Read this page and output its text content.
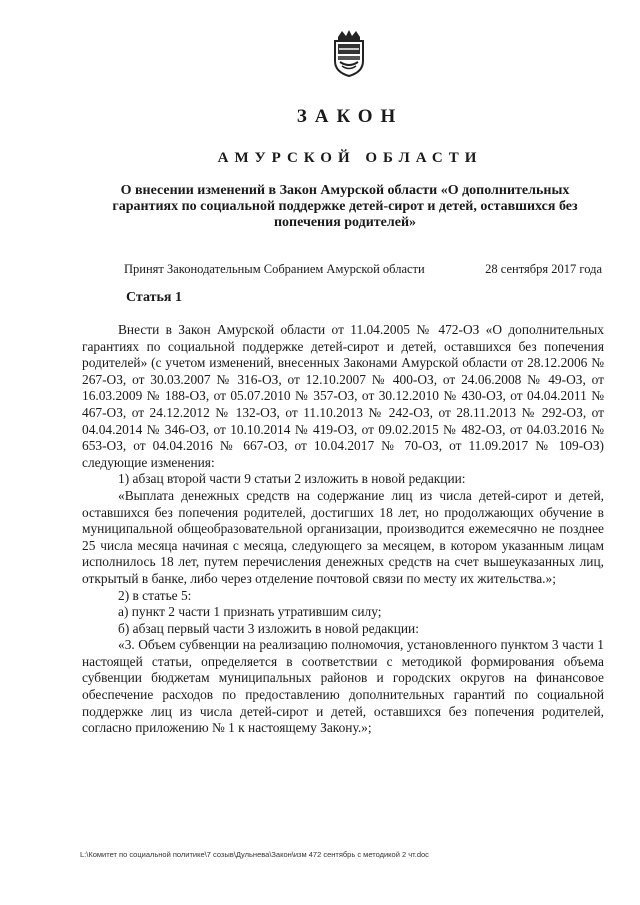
ЗАКОН
АМУРСКОЙ ОБЛАСТИ
О внесении изменений в Закон Амурской области «О дополнительных гарантиях по социальной поддержке детей-сирот и детей, оставшихся без попечения родителей»
Принят Законодательным Собранием Амурской области	28 сентября 2017 года
Статья 1

Внести в Закон Амурской области от 11.04.2005 № 472-ОЗ «О дополнительных гарантиях по социальной поддержке детей-сирот и детей, оставшихся без попечения родителей» (с учетом изменений, внесенных Законами Амурской области от 28.12.2006 № 267-ОЗ, от 30.03.2007 № 316-ОЗ, от 12.10.2007 № 400-ОЗ, от 24.06.2008 № 49-ОЗ, от 16.03.2009 № 188-ОЗ, от 05.07.2010 № 357-ОЗ, от 30.12.2010 № 430-ОЗ, от 04.04.2011 № 467-ОЗ, от 24.12.2012 № 132-ОЗ, от 11.10.2013 № 242-ОЗ, от 28.11.2013 № 292-ОЗ, от 04.04.2014 № 346-ОЗ, от 10.10.2014 № 419-ОЗ, от 09.02.2015 № 482-ОЗ, от 04.03.2016 № 653-ОЗ, от 04.04.2016 № 667-ОЗ, от 10.04.2017 № 70-ОЗ, от 11.09.2017 № 109-ОЗ) следующие изменения:

1) абзац второй части 9 статьи 2 изложить в новой редакции:

«Выплата денежных средств на содержание лиц из числа детей-сирот и детей, оставшихся без попечения родителей, достигших 18 лет, но продолжающих обучение в муниципальной общеобразовательной организации, производится ежемесячно не позднее 25 числа месяца начиная с месяца, следующего за месяцем, в котором указанным лицам исполнилось 18 лет, путем перечисления денежных средств на счет вышеуказанных лиц, открытый в банке, либо через отделение почтовой связи по месту их жительства.»;

2) в статье 5:

а) пункт 2 части 1 признать утратившим силу;

б) абзац первый части 3 изложить в новой редакции:

«3. Объем субвенции на реализацию полномочия, установленного пунктом 3 части 1 настоящей статьи, определяется в соответствии с методикой формирования объема субвенции бюджетам муниципальных районов и городских округов на финансовое обеспечение расходов по предоставлению дополнительных гарантий по социальной поддержке лиц из числа детей-сирот и детей, оставшихся без попечения родителей, согласно приложению № 1 к настоящему Закону.»;

L:\Комитет по социальной политике\7 созыв\Дульнева\Закон\изм 472 сентябрь с методикой 2 чт.doc
